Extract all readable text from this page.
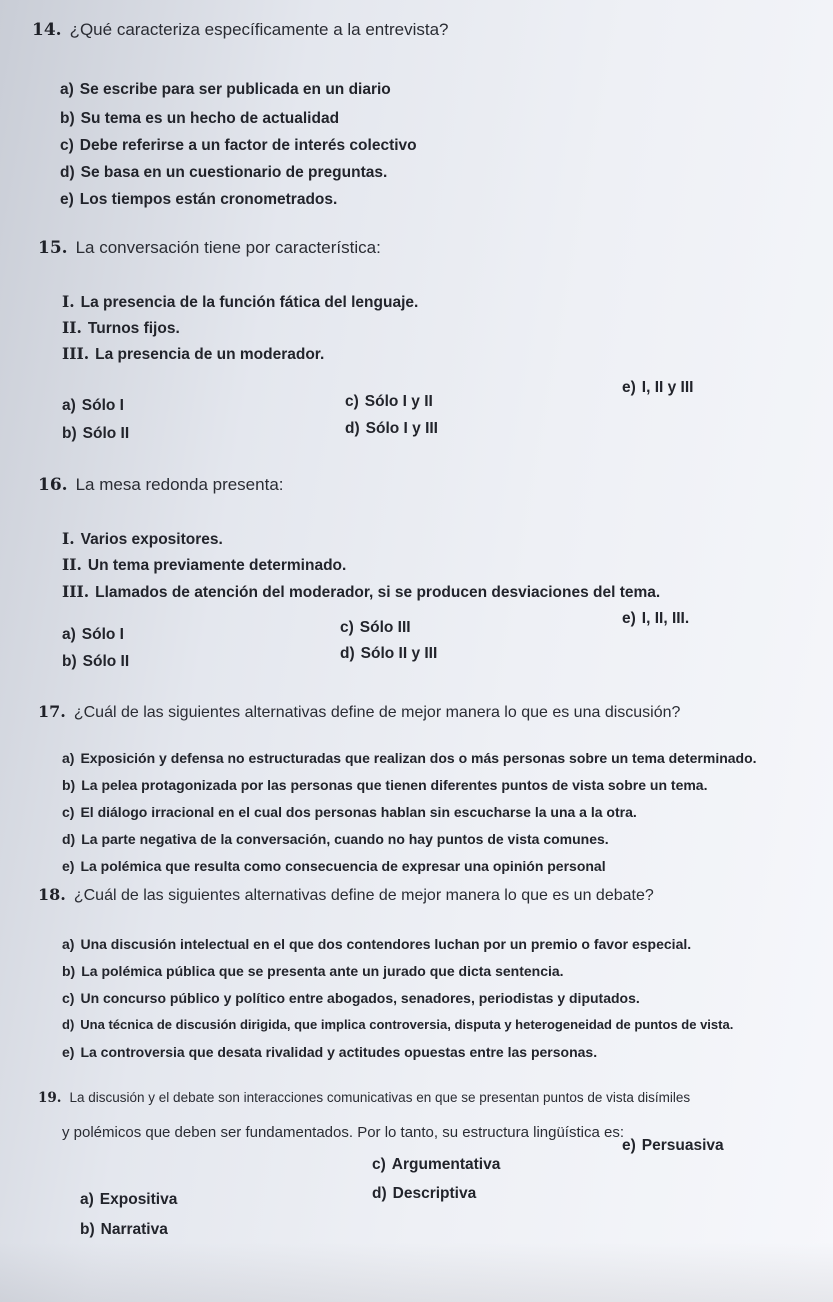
14. ¿Qué caracteriza específicamente a la entrevista?
a) Se escribe para ser publicada en un diario
b) Su tema es un hecho de actualidad
c) Debe referirse a un factor de interés colectivo
d) Se basa en un cuestionario de preguntas.
e) Los tiempos están cronometrados.
15. La conversación tiene por característica:
I. La presencia de la función fática del lenguaje.
II. Turnos fijos.
III. La presencia de un moderador.
a) Sólo I
b) Sólo II
c) Sólo I y II
d) Sólo I y III
e) I, II y III
16. La mesa redonda presenta:
I. Varios expositores.
II. Un tema previamente determinado.
III. Llamados de atención del moderador, si se producen desviaciones del tema.
a) Sólo I
b) Sólo II
c) Sólo III
d) Sólo II y III
e) I, II, III.
17. ¿Cuál de las siguientes alternativas define de mejor manera lo que es una discusión?
a) Exposición y defensa no estructuradas que realizan dos o más personas sobre un tema determinado.
b) La pelea protagonizada por las personas que tienen diferentes puntos de vista sobre un tema.
c) El diálogo irracional en el cual dos personas hablan sin escucharse la una a la otra.
d) La parte negativa de la conversación, cuando no hay puntos de vista comunes.
e) La polémica que resulta como consecuencia de expresar una opinión personal
18. ¿Cuál de las siguientes alternativas define de mejor manera lo que es un debate?
a) Una discusión intelectual en el que dos contendores luchan por un premio o favor especial.
b) La polémica pública que se presenta ante un jurado que dicta sentencia.
c) Un concurso público y político entre abogados, senadores, periodistas y diputados.
d) Una técnica de discusión dirigida, que implica controversia, disputa y heterogeneidad de puntos de vista.
e) La controversia que desata rivalidad y actitudes opuestas entre las personas.
19. La discusión y el debate son interacciones comunicativas en que se presentan puntos de vista disímiles
y polémicos que deben ser fundamentados. Por lo tanto, su estructura lingüística es:
a) Expositiva
b) Narrativa
c) Argumentativa
d) Descriptiva
e) Persuasiva
